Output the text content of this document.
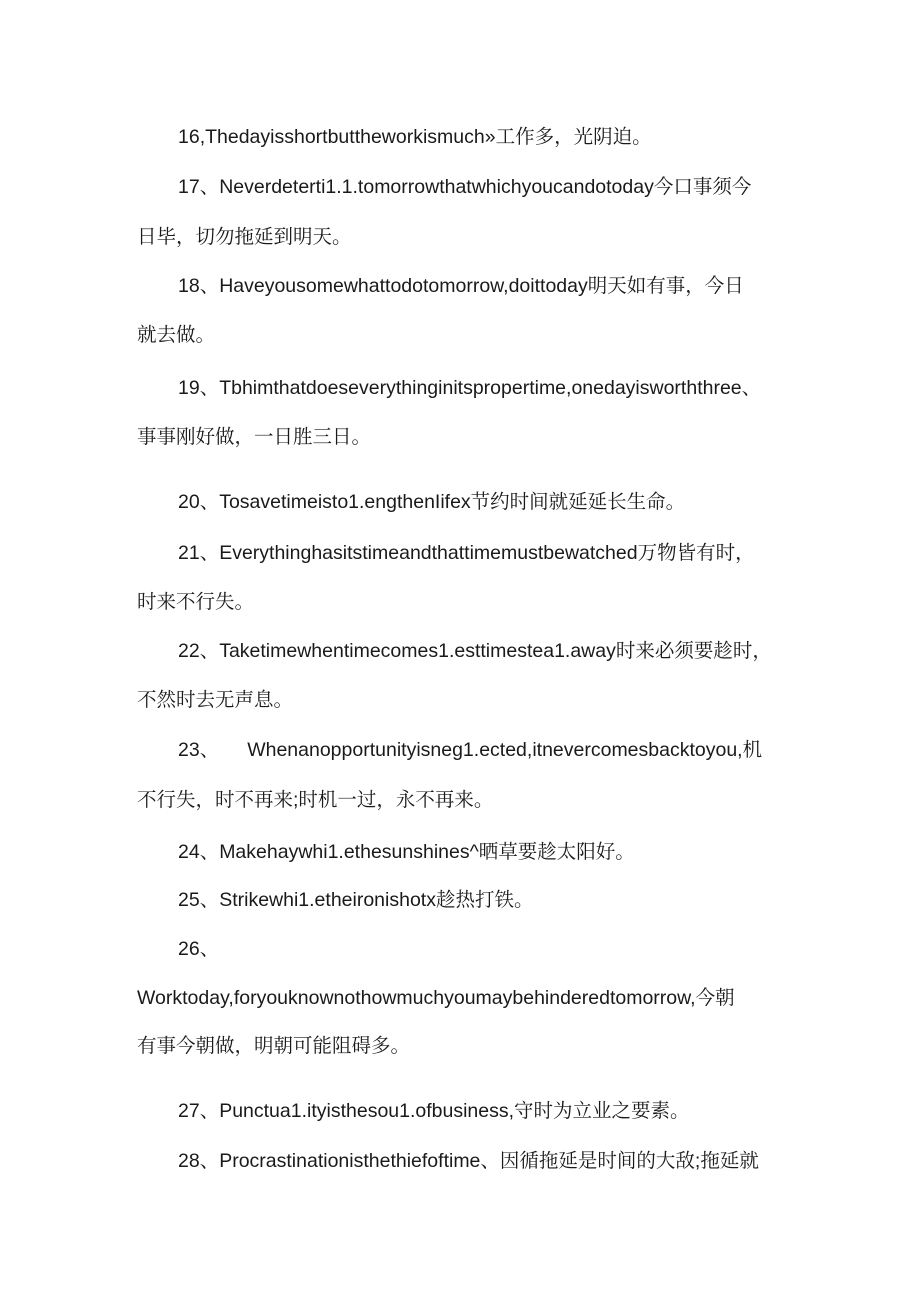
16,Thedayisshortbuttheworkismuch»工作多，光阴迫。
17、Neverdeterti1.1.tomorrowthatwhichyoucandotoday今口事须今
日毕，切勿拖延到明天。
18、Haveyousomewhattodotomorrow,doittoday明天如有事，今日
就去做。
19、Tbhimthatdoeseverythinginitspropertime,onedayisworththree、
事事刚好做，一日胜三日。
20、Tosavetimeisto1.engthenIifex节约时间就延延长生命。
21、Everythinghasitstimeandthattimemustbewatched万物皆有时，
时来不行失。
22、Taketimewhentimecomes1.esttimestea1.away时来必须要趁时，
不然时去无声息。
23、 Whenanopportunityisneg1.ected,itnevercomesbacktoyou,机
不行失，时不再来;时机一过，永不再来。
24、Makehaywhi1.ethesunshines^晒草要趁太阳好。
25、Strikewhi1.etheironishotx趁热打铁。
26、
Worktoday,foryouknownothowmuchyoumaybehinderedtomorrow,今朝
有事今朝做，明朝可能阻碍多。
27、Punctua1.ityisthesou1.ofbusiness,守时为立业之要素。
28、Procrastinationisthethiefoftime、因循拖延是时间的大敌;拖延就
